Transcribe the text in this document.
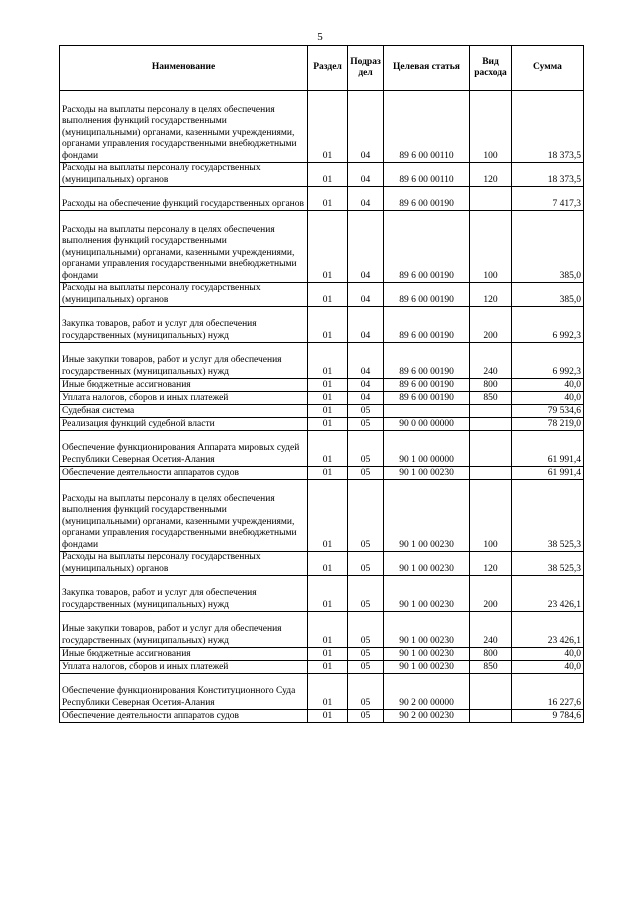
5
Наименование	Раздел	Подраз дел	Целевая статья	Вид расхода	Сумма
Расходы на выплаты персоналу в целях обеспечения выполнения функций государственными (муниципальными) органами, казенными учреждениями, органами управления государственными внебюджетными фондами	01	04	89 6 00 00110	100	18 373,5
Расходы на выплаты персоналу государственных (муниципальных) органов	01	04	89 6 00 00110	120	18 373,5
Расходы на обеспечение функций государственных органов	01	04	89 6 00 00190		7 417,3
Расходы на выплаты персоналу в целях обеспечения выполнения функций государственными (муниципальными) органами, казенными учреждениями, органами управления государственными внебюджетными фондами	01	04	89 6 00 00190	100	385,0
Расходы на выплаты персоналу государственных (муниципальных) органов	01	04	89 6 00 00190	120	385,0
Закупка товаров, работ и услуг для обеспечения государственных (муниципальных) нужд	01	04	89 6 00 00190	200	6 992,3
Иные закупки товаров, работ и услуг для обеспечения государственных (муниципальных) нужд	01	04	89 6 00 00190	240	6 992,3
Иные бюджетные ассигнования	01	04	89 6 00 00190	800	40,0
Уплата налогов, сборов и иных платежей	01	04	89 6 00 00190	850	40,0
Судебная система	01	05			79 534,6
Реализация функций судебной власти	01	05	90 0 00 00000		78 219,0
Обеспечение функционирования Аппарата мировых судей Республики Северная Осетия-Алания	01	05	90 1 00 00000		61 991,4
Обеспечение деятельности аппаратов судов	01	05	90 1 00 00230		61 991,4
Расходы на выплаты персоналу в целях обеспечения выполнения функций государственными (муниципальными) органами, казенными учреждениями, органами управления государственными внебюджетными фондами	01	05	90 1 00 00230	100	38 525,3
Расходы на выплаты персоналу государственных (муниципальных) органов	01	05	90 1 00 00230	120	38 525,3
Закупка товаров, работ и услуг для обеспечения государственных (муниципальных) нужд	01	05	90 1 00 00230	200	23 426,1
Иные закупки товаров, работ и услуг для обеспечения государственных (муниципальных) нужд	01	05	90 1 00 00230	240	23 426,1
Иные бюджетные ассигнования	01	05	90 1 00 00230	800	40,0
Уплата налогов, сборов и иных платежей	01	05	90 1 00 00230	850	40,0
Обеспечение функционирования Конституционного Суда Республики Северная Осетия-Алания	01	05	90 2 00 00000		16 227,6
Обеспечение деятельности аппаратов судов	01	05	90 2 00 00230		9 784,6
